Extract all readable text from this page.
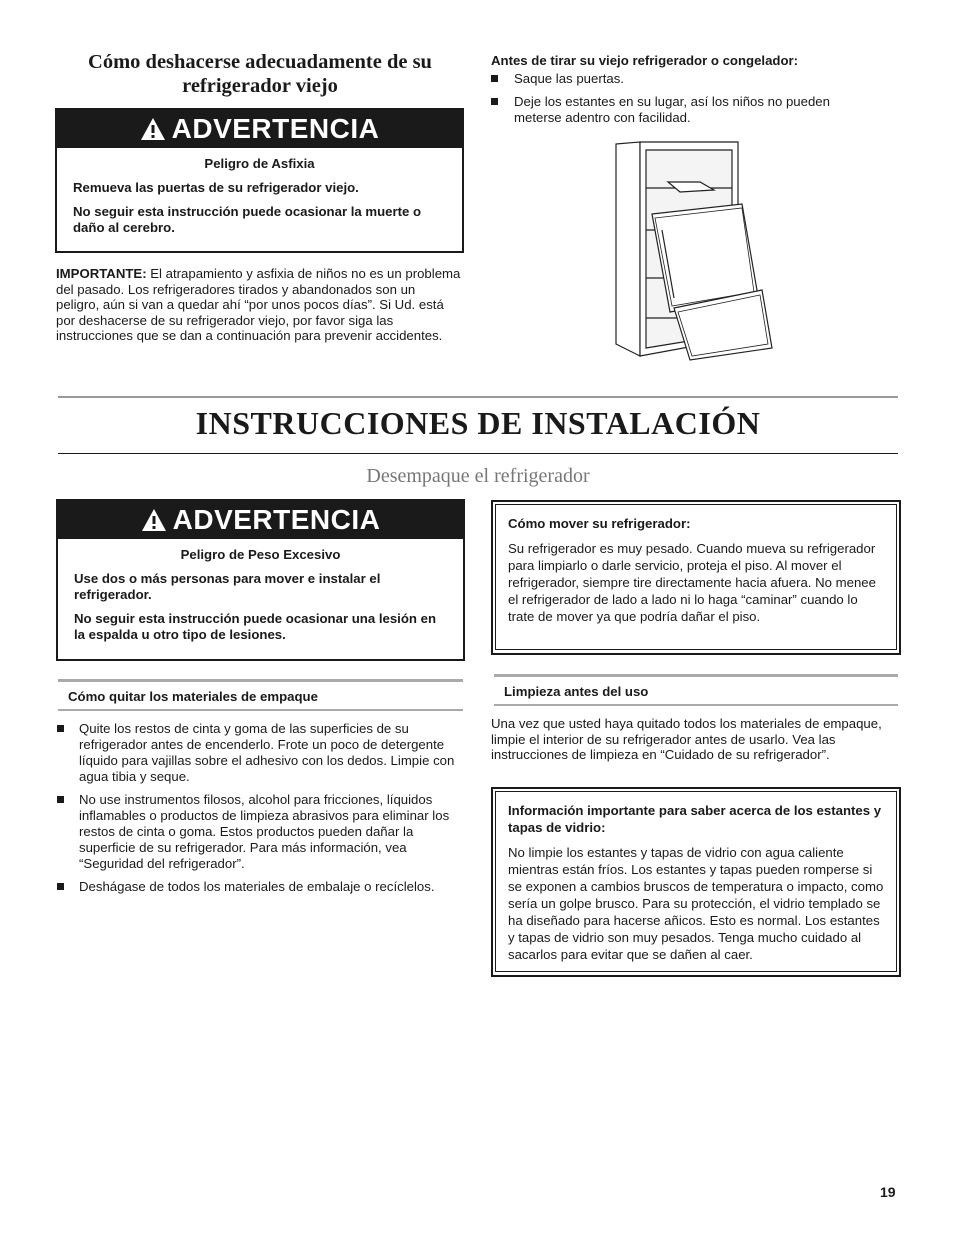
Cómo deshacerse adecuadamente de su refrigerador viejo
ADVERTENCIA

Peligro de Asfixia

Remueva las puertas de su refrigerador viejo.

No seguir esta instrucción puede ocasionar la muerte o daño al cerebro.

IMPORTANTE: El atrapamiento y asfixia de niños no es un problema del pasado. Los refrigeradores tirados y abandonados son un peligro, aún si van a quedar ahí “por unos pocos días”. Si Ud. está por deshacerse de su refrigerador viejo, por favor siga las instrucciones que se dan a continuación para prevenir accidentes.
Antes de tirar su viejo refrigerador o congelador:
Saque las puertas.
Deje los estantes en su lugar, así los niños no pueden meterse adentro con facilidad.
INSTRUCCIONES DE INSTALACIÓN
Desempaque el refrigerador
ADVERTENCIA

Peligro de Peso Excesivo

Use dos o más personas para mover e instalar el refrigerador.

No seguir esta instrucción puede ocasionar una lesión en la espalda u otro tipo de lesiones.

Cómo mover su refrigerador:
Su refrigerador es muy pesado. Cuando mueva su refrigerador para limpiarlo o darle servicio, proteja el piso. Al mover el refrigerador, siempre tire directamente hacia afuera. No menee el refrigerador de lado a lado ni lo haga “caminar” cuando lo trate de mover ya que podría dañar el piso.
Cómo quitar los materiales de empaque
Quite los restos de cinta y goma de las superficies de su refrigerador antes de encenderlo. Frote un poco de detergente líquido para vajillas sobre el adhesivo con los dedos. Limpie con agua tibia y seque.
No use instrumentos filosos, alcohol para fricciones, líquidos inflamables o productos de limpieza abrasivos para eliminar los restos de cinta o goma. Estos productos pueden dañar la superficie de su refrigerador. Para más información, vea “Seguridad del refrigerador”.
Deshágase de todos los materiales de embalaje o recíclelos.
Limpieza antes del uso
Una vez que usted haya quitado todos los materiales de empaque, limpie el interior de su refrigerador antes de usarlo. Vea las instrucciones de limpieza en “Cuidado de su refrigerador”.
Información importante para saber acerca de los estantes y tapas de vidrio:
No limpie los estantes y tapas de vidrio con agua caliente mientras están fríos. Los estantes y tapas pueden romperse si se exponen a cambios bruscos de temperatura o impacto, como sería un golpe brusco. Para su protección, el vidrio templado se ha diseñado para hacerse añicos. Esto es normal. Los estantes y tapas de vidrio son muy pesados. Tenga mucho cuidado al sacarlos para evitar que se dañen al caer.
19
